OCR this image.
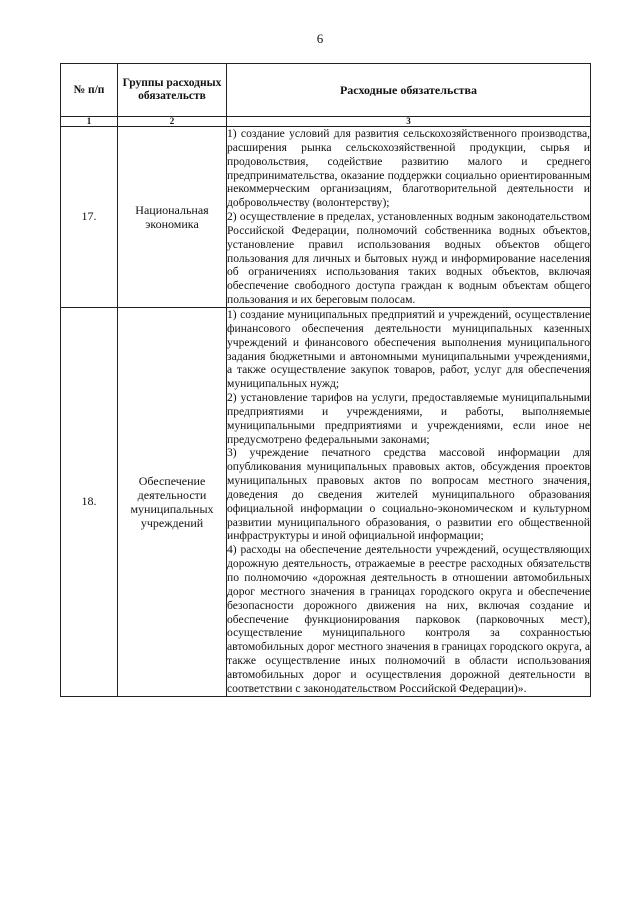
6
№ п/п	Группы расходных обязательств	Расходные обязательства
1	2	3
17.	Национальная экономика	1) создание условий для развития сельскохозяйственного производства, расширения рынка сельскохозяйственной продукции, сырья и продовольствия, содействие развитию малого и среднего предпринимательства, оказание поддержки социально ориентированным некоммерческим организациям, благотворительной деятельности и добровольчеству (волонтерству);

2) осуществление в пределах, установленных водным законодательством Российской Федерации, полномочий собственника водных объектов, установление правил использования водных объектов общего пользования для личных и бытовых нужд и информирование населения об ограничениях использования таких водных объектов, включая обеспечение свободного доступа граждан к водным объектам общего пользования и их береговым полосам.

18.	Обеспечение деятельности муниципальных учреждений	1) создание муниципальных предприятий и учреждений, осуществление финансового обеспечения деятельности муниципальных казенных учреждений и финансового обеспечения выполнения муниципального задания бюджетными и автономными муниципальными учреждениями, а также осуществление закупок товаров, работ, услуг для обеспечения муниципальных нужд;

2) установление тарифов на услуги, предоставляемые муниципальными предприятиями и учреждениями, и работы, выполняемые муниципальными предприятиями и учреждениями, если иное не предусмотрено федеральными законами;

3) учреждение печатного средства массовой информации для опубликования муниципальных правовых актов, обсуждения проектов муниципальных правовых актов по вопросам местного значения, доведения до сведения жителей муниципального образования официальной информации о социально-экономическом и культурном развитии муниципального образования, о развитии его общественной инфраструктуры и иной официальной информации;

4) расходы на обеспечение деятельности учреждений, осуществляющих дорожную деятельность, отражаемые в реестре расходных обязательств по полномочию «дорожная деятельность в отношении автомобильных дорог местного значения в границах городского округа и обеспечение безопасности дорожного движения на них, включая создание и обеспечение функционирования парковок (парковочных мест), осуществление муниципального контроля за сохранностью автомобильных дорог местного значения в границах городского округа, а также осуществление иных полномочий в области использования автомобильных дорог и осуществления дорожной деятельности в соответствии с законодательством Российской Федерации)».
